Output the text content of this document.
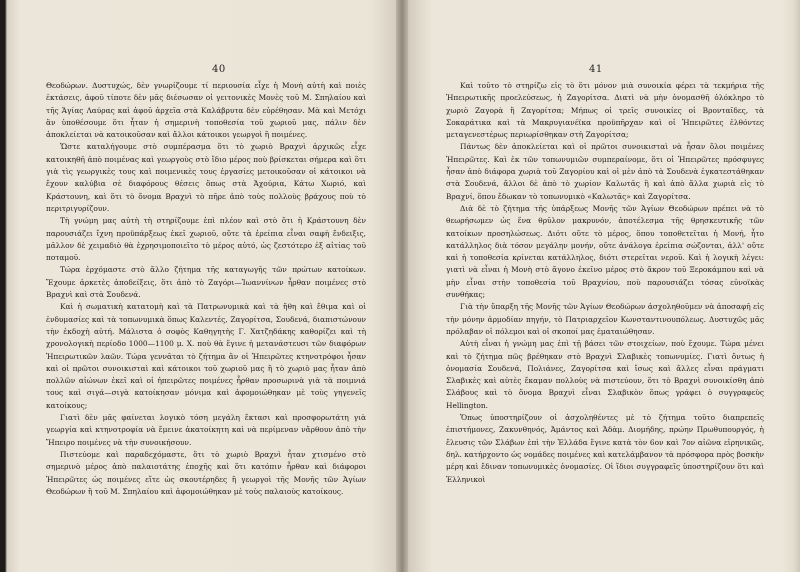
40

Θεοδώρων. Δυστυχώς, δὲν γνωρίζουμε τί περιουσία εἶχε ἡ Μονὴ αὐτὴ καὶ ποιὲς ἐκτάσεις, ἀφοῦ τίποτε δὲν μᾶς διέσωσαν οἱ γειτονικὲς Μονὲς τοῦ Μ. Σπηλαίου καὶ τῆς Ἁγίας Λαύρας καὶ ἀφοῦ ἀρχεῖα στὰ Καλάβρυτα δὲν εὑρέθησαν. Μὰ καὶ Μετόχι ἂν ὑποθέσουμε ὅτι ἦταν ἡ σημερινὴ τοποθεσία τοῦ χωριοῦ μας, πάλιν δὲν ἀποκλείεται νὰ κατοικοῦσαν καὶ ἄλλοι κάτοικοι γεωργοὶ ἢ ποιμένες.

Ὥστε καταλήγουμε στὸ συμπέρασμα ὅτι τὸ χωριὸ Βραχνὶ ἀρχικῶς εἶχε κατοικηθῆ ἀπὸ ποιμένας καὶ γεωργοὺς στὸ ἴδιο μέρος ποὺ βρίσκεται σήμερα καὶ ὅτι γιὰ τὶς γεωργικὲς τους καὶ ποιμενικὲς τους ἐργασίες μετοικοῦσαν οἱ κάτοικοι νὰ ἔχουν καλύβια σὲ διαφόρους θέσεις ὅπως στὰ Ἀχούρια, Κάτω Χωριό, καὶ Κράστουνη, καὶ ὅτι τὸ ὄνομα Βραχνὶ τὸ πῆρε ἀπὸ τοὺς πολλοὺς βράχους ποὺ τὸ περιτριγυρίζουν.

Τὴ γνώμη μας αὐτὴ τὴ στηρίζουμε ἐπὶ πλέον καὶ στὸ ὅτι ἡ Κράστουνη δὲν παρουσιάζει ἴχνη προϋπάρξεως ἐκεῖ χωριοῦ, οὔτε τὰ ἐρείπια εἶναι σαφὴ ἔνδειξις, μᾶλλον δὲ χειμαδιὸ θὰ ἐχρησιμοποιεῖτο τὸ μέρος αὐτό, ὡς ζεστότερο ἐξ αἰτίας τοῦ ποταμοῦ.

Τώρα ἐρχόμαστε στὸ ἄλλο ζήτημα τῆς καταγωγῆς τῶν πρώτων κατοίκων. Ἔχουμε ἀρκετὲς ἀποδείξεις, ὅτι ἀπὸ τὸ Ζαγόρι—Ἰωαννίνων ἦρθαν ποιμένες στὸ Βραχνὶ καὶ στὰ Σουδενά.

Καὶ ἡ σωματικὴ κατατομὴ καὶ τὰ Πατρωνυμικὰ καὶ τὰ ἤθη καὶ ἔθιμα καὶ οἱ ἐνδυμασίες καὶ τὰ τοπωνυμικὰ ὅπως Καλεντές, Ζαγορίτσα, Σουδενά, διαπιστώνουν τὴν ἐκδοχὴ αὐτή. Μάλιστα ὁ σοφὸς Καθηγητὴς Γ. Χατζηδάκης καθορίζει καὶ τὴ χρονολογικὴ περίοδο 1000—1100 μ. Χ. ποὺ θὰ ἔγινε ἡ μετανάστευσι τῶν διαφόρων Ἠπειρωτικῶν λαῶν. Τώρα γεννᾶται τὸ ζήτημα ἂν οἱ Ἠπειρῶτες κτηνοτρόφοι ἦσαν καὶ οἱ πρῶτοι συνοικισταὶ καὶ κάτοικοι τοῦ χωριοῦ μας ἢ τὸ χωριὸ μας ἦταν ἀπὸ πολλῶν αἰώνων ἐκεῖ καὶ οἱ ἠπειρῶτες ποιμένες ἦρθαν προσωρινὰ γιὰ τὰ ποιμνιά τους καὶ σιγά—σιγὰ κατοίκησαν μόνιμα καὶ ἀφομοιώθηκαν μὲ τοὺς γηγενεῖς κατοίκους;

Γιατὶ δὲν μᾶς φαίνεται λογικὸ τόση μεγάλη ἔκτασι καὶ προσφορωτάτη γιὰ γεωργία καὶ κτηνοτροφία νὰ ἔμεινε ἀκατοίκητη καὶ νὰ περίμεναν νἄρθουν ἀπὸ τὴν Ἤπειρο ποιμένες νὰ τὴν συνοικήσουν.

Πιστεύομε καὶ παραδεχόμαστε, ὅτι τὸ χωριὸ Βραχνὶ ἦταν χτισμένο στὸ σημερινὸ μέρος ἀπὸ παλαιοτάτης ἐποχῆς καὶ ὅτι κατόπιν ἦρθαν καὶ διάφοροι Ἠπειρῶτες ὡς ποιμένες εἴτε ὡς σκουτέρηδες ἢ γεωργοὶ τῆς Μονῆς τῶν Ἁγίων Θεοδώρων ἢ τοῦ Μ. Σπηλαίου καὶ ἀφομοιώθηκαν μὲ τοὺς παλαιοὺς κατοίκους.

41

Καὶ τοῦτο τὸ στηρίζω εἰς τὸ ὅτι μόνον μιὰ συνοικία φέρει τὰ τεκμήρια τῆς Ἠπειρωτικῆς προελεύσεως, ἡ Ζαγορίτσα. Διατὶ νὰ μὴν ὀνομασθῆ ὁλόκληρο τὸ χωριὸ Ζαγορὰ ἢ Ζαγορίτσα; Μήπως οἱ τρεῖς συνοικίες οἱ Βρονταῖδες, τὰ Σοκαράτικα καὶ τὰ Μακρυγιανέϊκα προϋπῆρχαν καὶ οἱ Ἠπειρῶτες ἐλθόντες μεταγενεστέρως περιωρίσθηκαν στὴ Ζαγορίτσα;

Πάντως δὲν ἀποκλείεται καὶ οἱ πρῶτοι συνοικισταὶ νὰ ἦσαν ὅλοι ποιμένες Ἠπειρῶτες. Καὶ ἐκ τῶν τοπωνυμιῶν συμπεραίνομε, ὅτι οἱ Ἠπειρῶτες πρόσφυγες ἦσαν ἀπὸ διάφορα χωριὰ τοῦ Ζαγορίου καὶ οἱ μὲν ἀπὸ τὰ Σουδενὰ ἐγκατεστάθηκαν στὰ Σουδενά, ἄλλοι δὲ ἀπὸ τὸ χωρίον Καλωτᾶς ἢ καὶ ἀπὸ ἄλλα χωριὰ εἰς τὸ Βραχνί, ὅπου ἔδωκαν τὸ τοπωνυμικὸ «Καλωτᾶς» καὶ Ζαγορίτσα.

Διὰ δὲ τὸ ζήτημα τῆς ὑπάρξεως Μονῆς τῶν Ἁγίων Θεοδώρων πρέπει νὰ τὸ θεωρήσωμεν ὡς ἕνα θρῦλον μακρυνόν, ἀποτέλεσμα τῆς θρησκευτικῆς τῶν κατοίκων προσηλώσεως. Διότι οὔτε τὸ μέρος, ὅπου τοποθετεῖται ἡ Μονή, ἦτο κατάλληλος διὰ τόσον μεγάλην μονήν, οὔτε ἀνάλογα ἐρείπια σώζονται, ἀλλ' οὔτε καὶ ἡ τοποθεσία κρίνεται κατάλληλος, διότι στερεῖται νεροῦ. Καὶ ἡ λογικὴ λέγει: γιατὶ νὰ εἶναι ἡ Μονὴ στὸ ἄγονο ἐκεῖνο μέρος στὸ ἄκρον τοῦ Ξεροκάμπου καὶ νὰ μὴν εἶναι στὴν τοποθεσία τοῦ Βραχνίου, ποὺ παρουσιάζει τόσας εὐνοϊκὰς συνθήκας;

Γιὰ τὴν ὕπαρξη τῆς Μονῆς τῶν Ἁγίων Θεοδώρων ἀσχοληθοῦμεν νὰ ἀποσαφῆ εἰς τὴν μόνην ἁρμοδίαν πηγήν, τὸ Πατριαρχεῖον Κωνσταντινουπόλεως. Δυστυχῶς μᾶς πρόλαβαν οἱ πόλεμοι καὶ οἱ σκοποί μας ἐματαιώθησαν.

Αὐτὴ εἶναι ἡ γνώμη μας ἐπὶ τῇ βάσει τῶν στοιχείων, ποὺ ἔχουμε. Τώρα μένει καὶ τὸ ζήτημα πῶς βρέθηκαν στὸ Βραχνὶ Σλαβικὲς τοπωνυμίες. Γιατὶ ὄντως ἡ ὀνομασία Σουδενά, Πολιάνες, Ζαγορίτσα καὶ ἴσως καὶ ἄλλες εἶναι πράγματι Σλαβικὲς καὶ αὐτὲς ἔκαμαν πολλοὺς νὰ πιστεύουν, ὅτι τὸ Βραχνὶ συνοικίσθη ἀπὸ Σλάβους καὶ τὸ ὄνομα Βραχνὶ εἶναι Σλαβικὸν ὅπως γράφει ὁ συγγραφεὺς Hellington.

Ὅπως ὑποστηρίζουν οἱ ἀσχοληθέντες μὲ τὸ ζήτημα τοῦτο διαπρεπεῖς ἐπιστήμονες, Ζακυνθηνός, Ἀμάντος καὶ Ἀδὰμ. Διομήδης, πρώην Πρωθυπουργός, ἡ ἔλευσις τῶν Σλάβων ἐπὶ τὴν Ἑλλάδα ἔγινε κατὰ τὸν 6ον καὶ 7ον αἰῶνα εἰρηνικῶς, δηλ. κατήρχοντο ὡς νομάδες ποιμένες καὶ κατελάμβανον τὰ πρόσφορα πρὸς βοσκὴν μέρη καὶ ἔδιναν τοπωνυμικὲς ὀνομασίες. Οἱ ἴδιοι συγγραφεῖς ὑποστηρίζουν ὅτι καὶ Ἑλληνικοὶ
